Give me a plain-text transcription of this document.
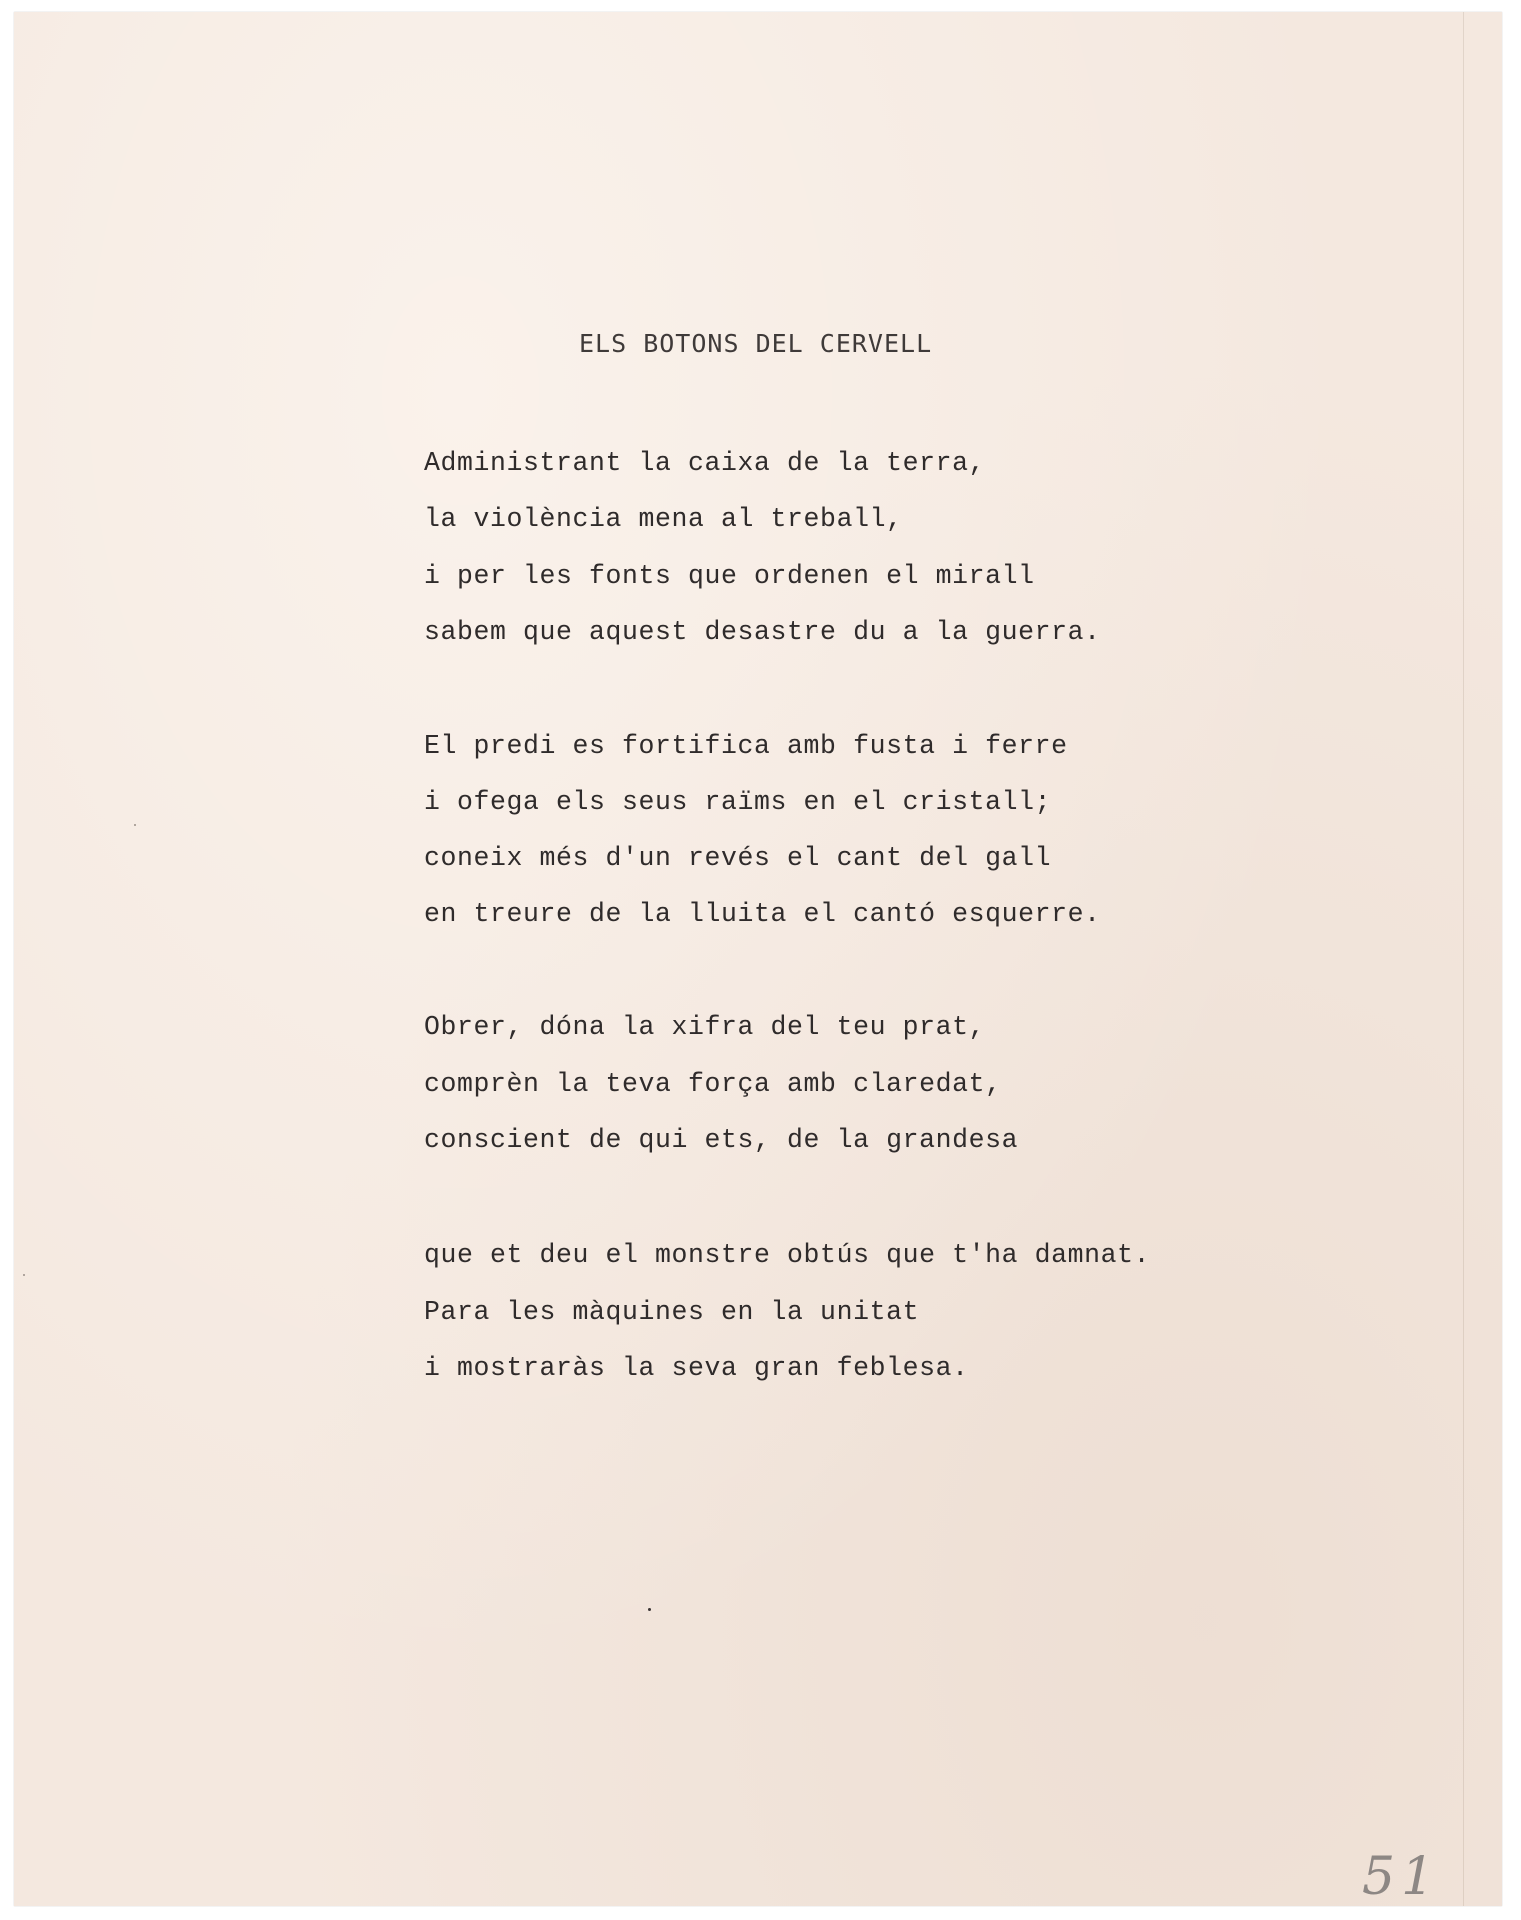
ELS BOTONS DEL CERVELL

Administrant la caixa de la terra,

la violència mena al treball,

i per les fonts que ordenen el mirall

sabem que aquest desastre du a la guerra.

El predi es fortifica amb fusta i ferre

i ofega els seus raïms en el cristall;

coneix més d'un revés el cant del gall

en treure de la lluita el cantó esquerre.

Obrer, dóna la xifra del teu prat,

comprèn la teva força amb claredat,

conscient de qui ets, de la grandesa

que et deu el monstre obtús que t'ha damnat.

Para les màquines en la unitat

i mostraràs la seva gran feblesa.

51
